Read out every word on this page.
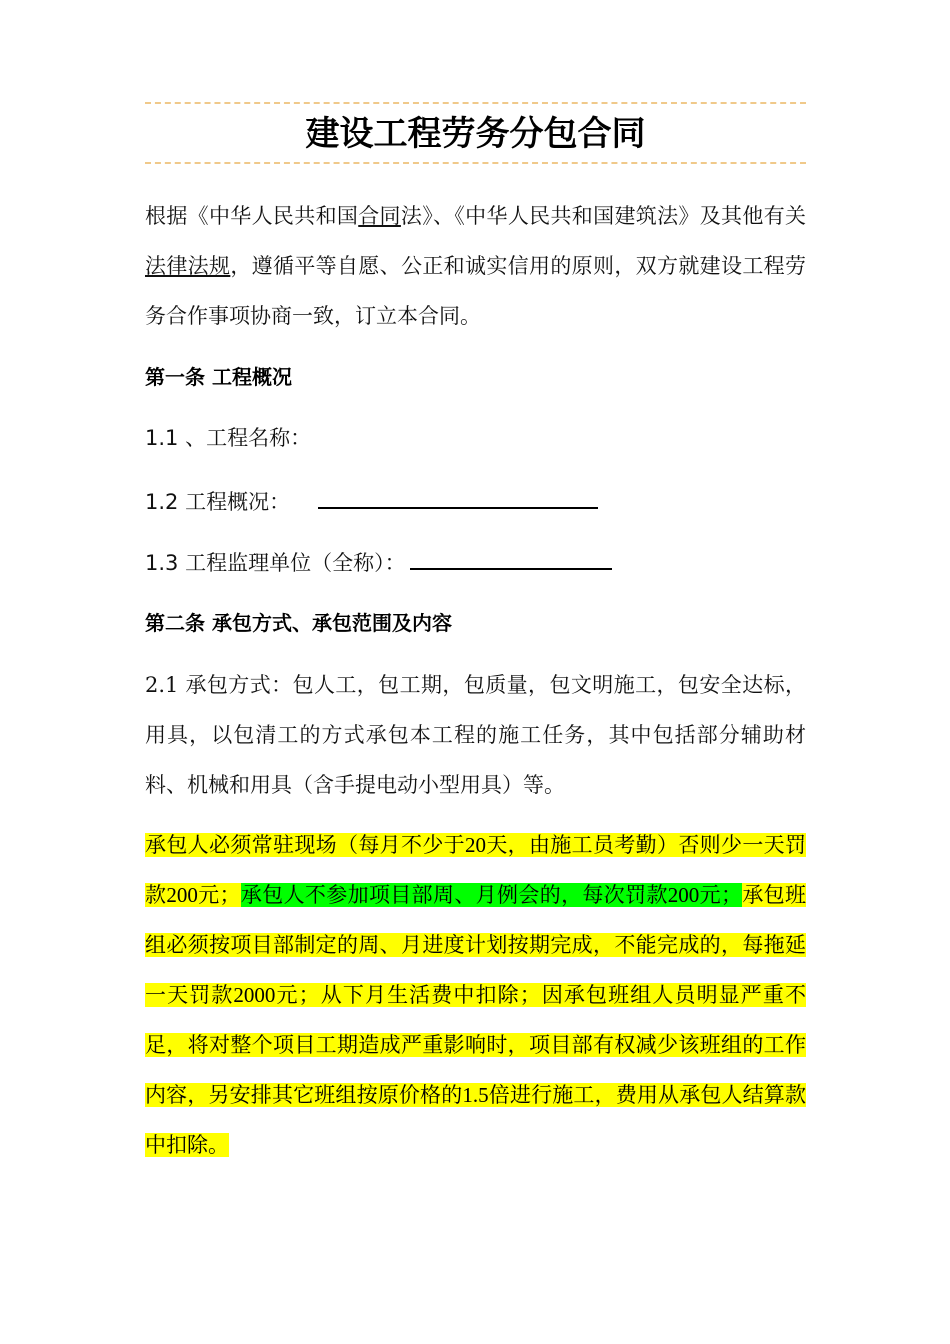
建设工程劳务分包合同

根据《中华人民共和国合同法》、《中华人民共和国建筑法》及其他有关法律法规，遵循平等自愿、公正和诚实信用的原则，双方就建设工程劳务合作事项协商一致，订立本合同。

第一条 工程概况
1.1 、工程名称：
1.2 工程概况：
1.3 工程监理单位（全称）：
第二条 承包方式、承包范围及内容

2.1 承包方式：包人工，包工期，包质量，包文明施工，包安全达标，用具，以包清工的方式承包本工程的施工任务，其中包括部分辅助材料、机械和用具（含手提电动小型用具）等。

承包人必须常驻现场（每月不少于20天，由施工员考勤）否则少一天罚款200元；承包人不参加项目部周、月例会的，每次罚款200元；承包班组必须按项目部制定的周、月进度计划按期完成，不能完成的，每拖延一天罚款2000元；从下月生活费中扣除；因承包班组人员明显严重不足，将对整个项目工期造成严重影响时，项目部有权减少该班组的工作内容，另安排其它班组按原价格的1.5倍进行施工，费用从承包人结算款中扣除。
